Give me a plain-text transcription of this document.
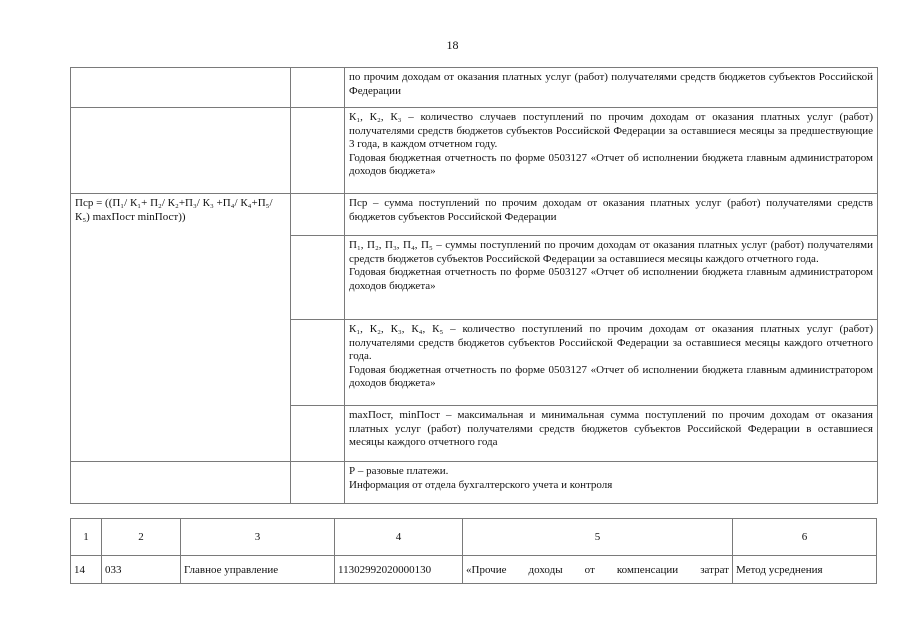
18

		по прочим доходам от оказания платных услуг (работ) получателями средств бюджетов субъектов Российской Федерации

		К₁, К₂, К₃ – количество случаев поступлений по прочим доходам от оказания платных услуг (работ) получателями средств бюджетов субъектов Российской Федерации за оставшиеся месяцы за предшествующие 3 года, в каждом отчетном году.
Годовая бюджетная отчетность по форме 0503127 «Отчет об исполнении бюджета главным администратором доходов бюджета»

Пср = ((П₁/ К₁+ П₂/ К₂+П₃/ К₃ +П₄/ К₄+П₅/ К₅) maxПост minПост))		Пср – сумма поступлений по прочим доходам от оказания платных услуг (работ) получателями средств бюджетов субъектов Российской Федерации

		П₁, П₂, П₃, П₄, П₅ – суммы поступлений по прочим доходам от оказания платных услуг (работ) получателями средств бюджетов субъектов Российской Федерации за оставшиеся месяцы каждого отчетного года.
Годовая бюджетная отчетность по форме 0503127 «Отчет об исполнении бюджета главным администратором доходов бюджета»

		К₁, К₂, К₃, К₄, К₅ – количество поступлений по прочим доходам от оказания платных услуг (работ) получателями средств бюджетов субъектов Российской Федерации за оставшиеся месяцы каждого отчетного года.
Годовая бюджетная отчетность по форме 0503127 «Отчет об исполнении бюджета главным администратором доходов бюджета»

		maxПост, minПост – максимальная и минимальная сумма поступлений по прочим доходам от оказания платных услуг (работ) получателями средств бюджетов субъектов Российской Федерации в оставшиеся месяцы каждого отчетного года

		Р – разовые платежи.
Информация от отдела бухгалтерского учета и контроля
1	2	3	4	5	6
14	033	Главное управление	11302992020000130	«Прочие доходы от компенсации затрат	Метод усреднения
